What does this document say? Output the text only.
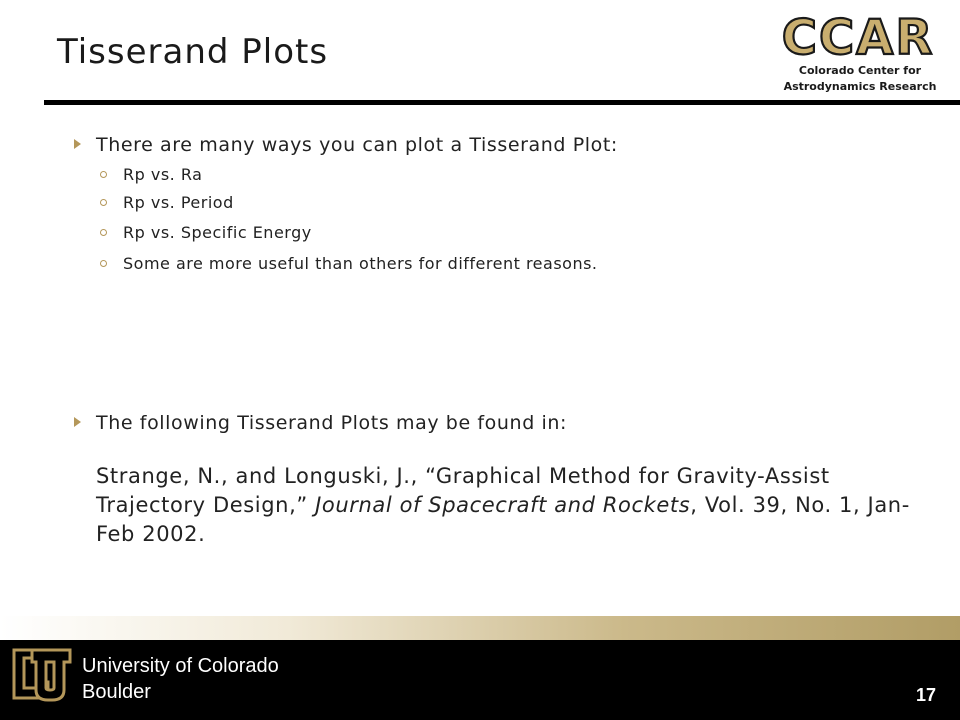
Tisserand Plots	CCAR
Colorado Center for
Astrodynamics Research
There are many ways you can plot a Tisserand Plot:
Rp vs. Ra
Rp vs. Period
Rp vs. Specific Energy
Some are more useful than others for different reasons.
The following Tisserand Plots may be found in:
Strange, N., and Longuski, J., “Graphical Method for Gravity-Assist Trajectory Design,” Journal of Spacecraft and Rockets, Vol. 39, No. 1, Jan-Feb 2002.
University of Colorado
Boulder	17
